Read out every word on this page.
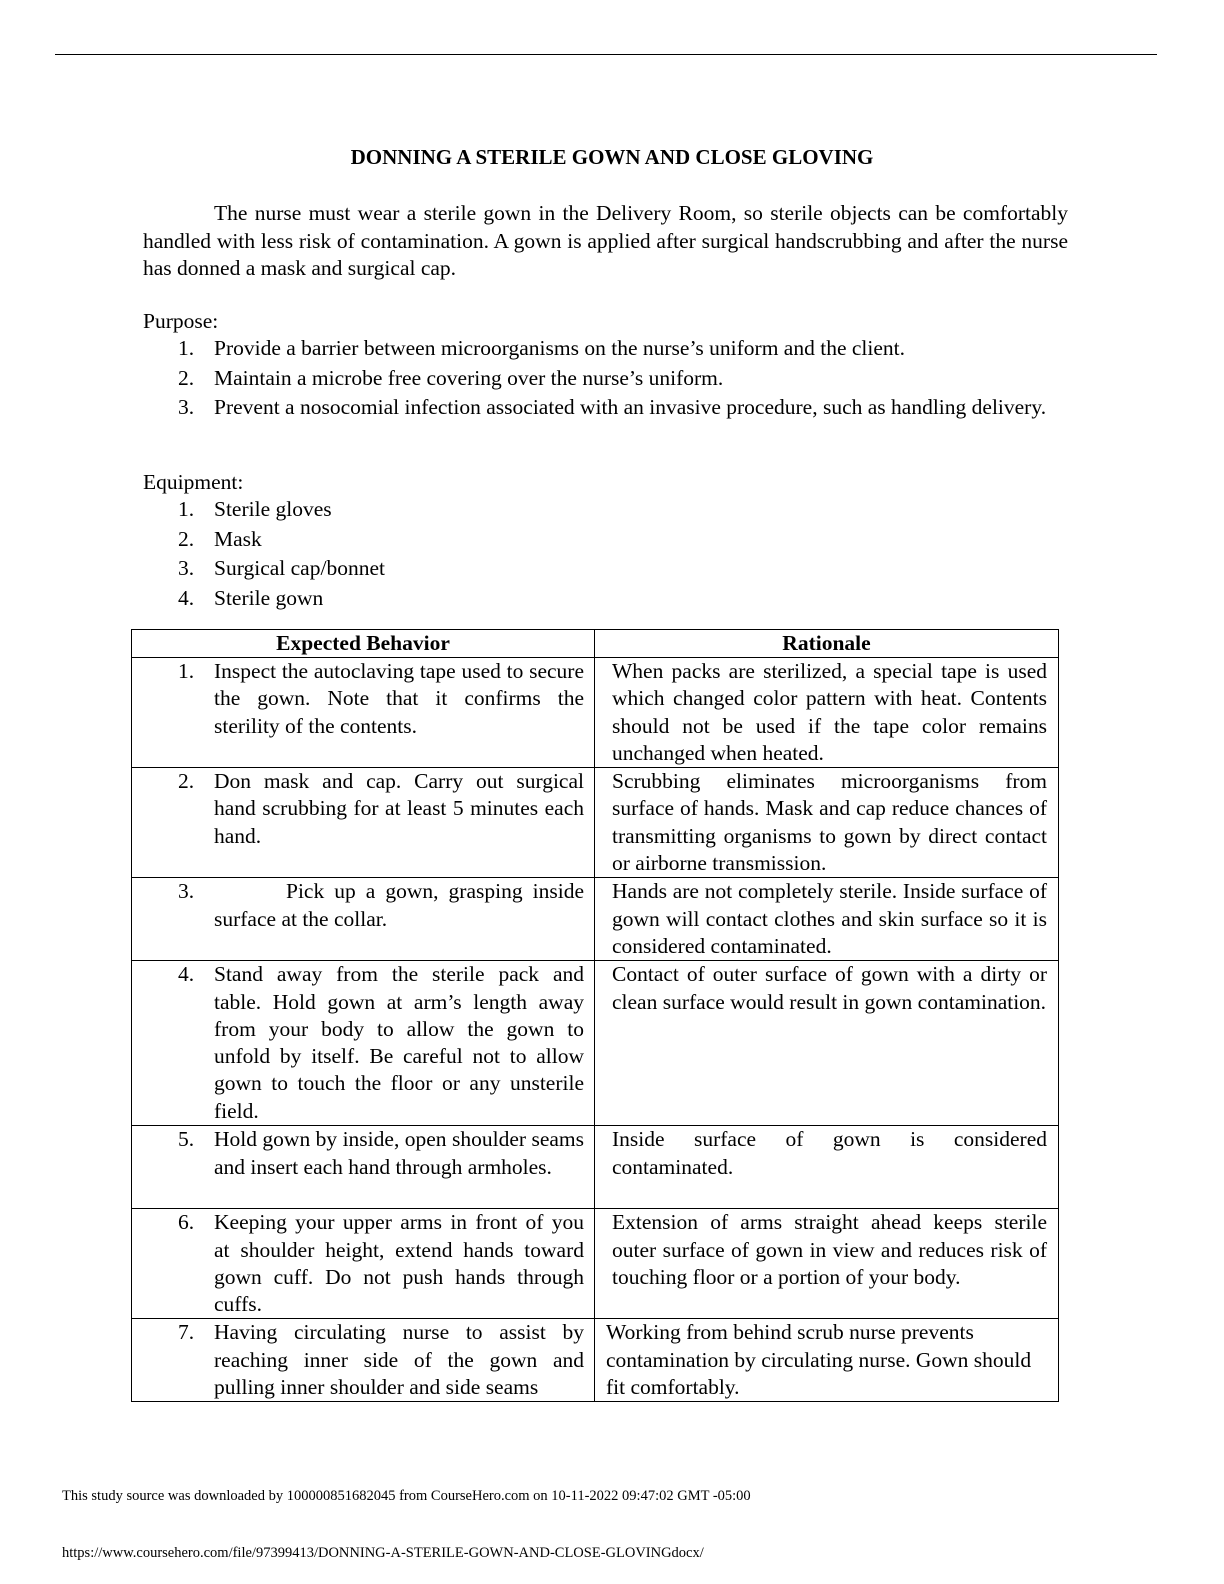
DONNING A STERILE GOWN AND CLOSE GLOVING

The nurse must wear a sterile gown in the Delivery Room, so sterile objects can be comfortably handled with less risk of contamination. A gown is applied after surgical handscrubbing and after the nurse has donned a mask and surgical cap.

Purpose:
1. Provide a barrier between microorganisms on the nurse’s uniform and the client.
2. Maintain a microbe free covering over the nurse’s uniform.
3. Prevent a nosocomial infection associated with an invasive procedure, such as handling delivery.
Equipment:
1. Sterile gloves
2. Mask
3. Surgical cap/bonnet
4. Sterile gown
Expected Behavior	Rationale

1. Inspect the autoclaving tape used to secure the gown. Note that it confirms the sterility of the contents.	When packs are sterilized, a special tape is used which changed color pattern with heat. Contents should not be used if the tape color remains unchanged when heated.

2. Don mask and cap. Carry out surgical hand scrubbing for at least 5 minutes each hand.	Scrubbing eliminates microorganisms from surface of hands. Mask and cap reduce chances of transmitting organisms to gown by direct contact or airborne transmission.

3. Pick up a gown, grasping inside surface at the collar.	Hands are not completely sterile. Inside surface of gown will contact clothes and skin surface so it is considered contaminated.

4. Stand away from the sterile pack and table. Hold gown at arm’s length away from your body to allow the gown to unfold by itself. Be careful not to allow gown to touch the floor or any unsterile field.	Contact of outer surface of gown with a dirty or clean surface would result in gown contamination.

5. Hold gown by inside, open shoulder seams and insert each hand through armholes.	Inside surface of gown is considered contaminated.

6. Keeping your upper arms in front of you at shoulder height, extend hands toward gown cuff. Do not push hands through cuffs.	Extension of arms straight ahead keeps sterile outer surface of gown in view and reduces risk of touching floor or a portion of your body.

7. Having circulating nurse to assist by reaching inner side of the gown and pulling inner shoulder and side seams	Working from behind scrub nurse prevents contamination by circulating nurse. Gown should fit comfortably.
This study source was downloaded by 100000851682045 from CourseHero.com on 10-11-2022 09:47:02 GMT -05:00
https://www.coursehero.com/file/97399413/DONNING-A-STERILE-GOWN-AND-CLOSE-GLOVINGdocx/
